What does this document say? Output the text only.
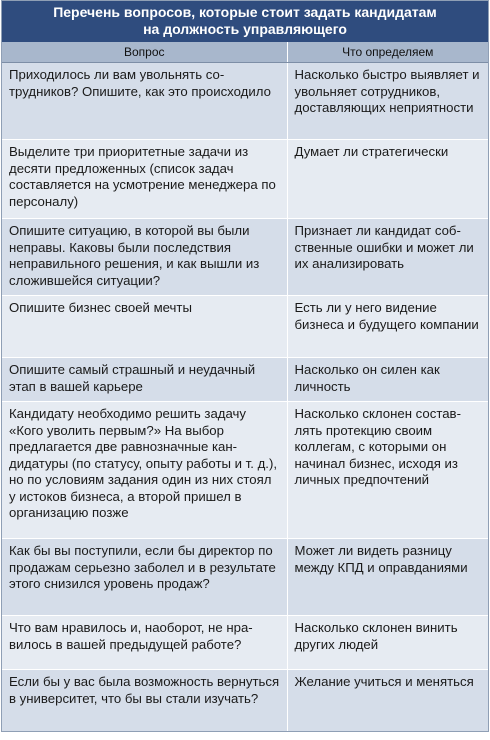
Перечень вопросов, которые стоит задать кандидатам
на должность управляющего
Вопрос	Что определяем
Приходилось ли вам увольнять сотрудников? Опишите, как это происходило	Насколько быстро выявляет и увольняет сотрудников, доставляющих неприятности
Выделите три приоритетные задачи из десяти предложенных (список задач составляется на усмотрение менеджера по персоналу)	Думает ли стратегически
Опишите ситуацию, в которой вы были неправы. Каковы были последствия неправильного решения, и как вышли из сложившейся ситуации?	Признает ли кандидат собственные ошибки и может ли их анализировать
Опишите бизнес своей мечты	Есть ли у него видение бизнеса и будущего компании
Опишите самый страшный и неудачный этап в вашей карьере	Насколько он силен как личность
Кандидату необходимо решить задачу «Кого уволить первым?» На выбор предлагается две равнозначные кандидатуры (по статусу, опыту работы и т. д.), но по условиям задания один из них стоял у истоков бизнеса, а второй пришел в организацию позже	Насколько склонен составлять протекцию своим коллегам, с которыми он начинал бизнес, исходя из личных предпочтений
Как бы вы поступили, если бы директор по продажам серьезно заболел и в результате этого снизился уровень продаж?	Может ли видеть разницу между КПД и оправданиями
Что вам нравилось и, наоборот, не нравилось в вашей предыдущей работе?	Насколько склонен винить других людей
Если бы у вас была возможность вернуться в университет, что бы вы стали изучать?	Желание учиться и меняться
